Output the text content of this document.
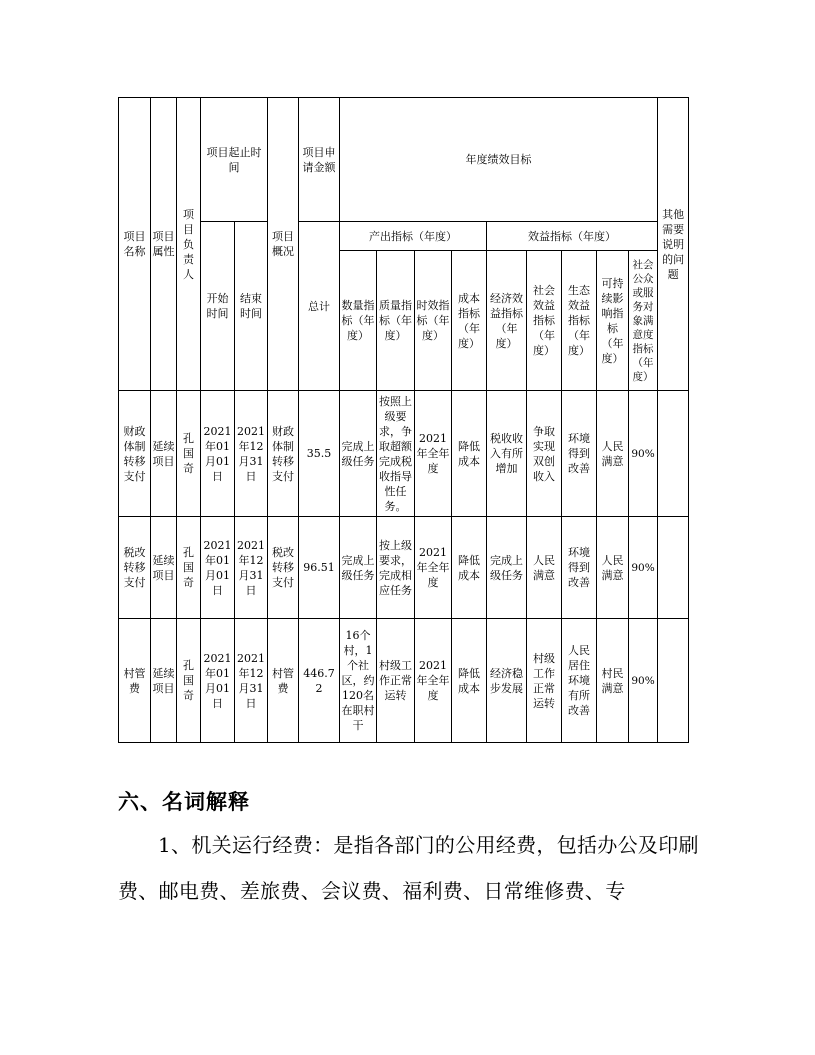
项目名称	项目属性	项目负责人	项目起止时间		项目概况	项目申请金额	年度绩效目标									其他需要说明的问题
			开始时间	结束时间		总计	产出指标（年度）				效益指标（年度）					
							数量指标（年度）	质量指标（年度）	时效指标（年度）	成本指标（年度）	经济效益指标（年度）	社会效益指标（年度）	生态效益指标（年度）	可持续影响指标（年度）	社会公众或服务对象满意度指标（年度）	
财政体制转移支付	延续项目	孔国奇	2021年01月01日	2021年12月31日	财政体制转移支付	35.5	完成上级任务	按照上级要求，争取超额完成税收指导性任务。	2021年全年度	降低成本	税收收入有所增加	争取实现双创收入	环境得到改善	人民满意	90%	
税改转移支付	延续项目	孔国奇	2021年01月01日	2021年12月31日	税改转移支付	96.51	完成上级任务	按上级要求，完成相应任务	2021年全年度	降低成本	完成上级任务	人民满意	环境得到改善	人民满意	90%	
村管费	延续项目	孔国奇	2021年01月01日	2021年12月31日	村管费	446.72	16个村，1个社区，约120名在职村干	村级工作正常运转	2021年全年度	降低成本	经济稳步发展	村级工作正常运转	人民居住环境有所改善	村民满意	90%	
六、名词解释
1、机关运行经费：是指各部门的公用经费，包括办公及印刷费、邮电费、差旅费、会议费、福利费、日常维修费、专
